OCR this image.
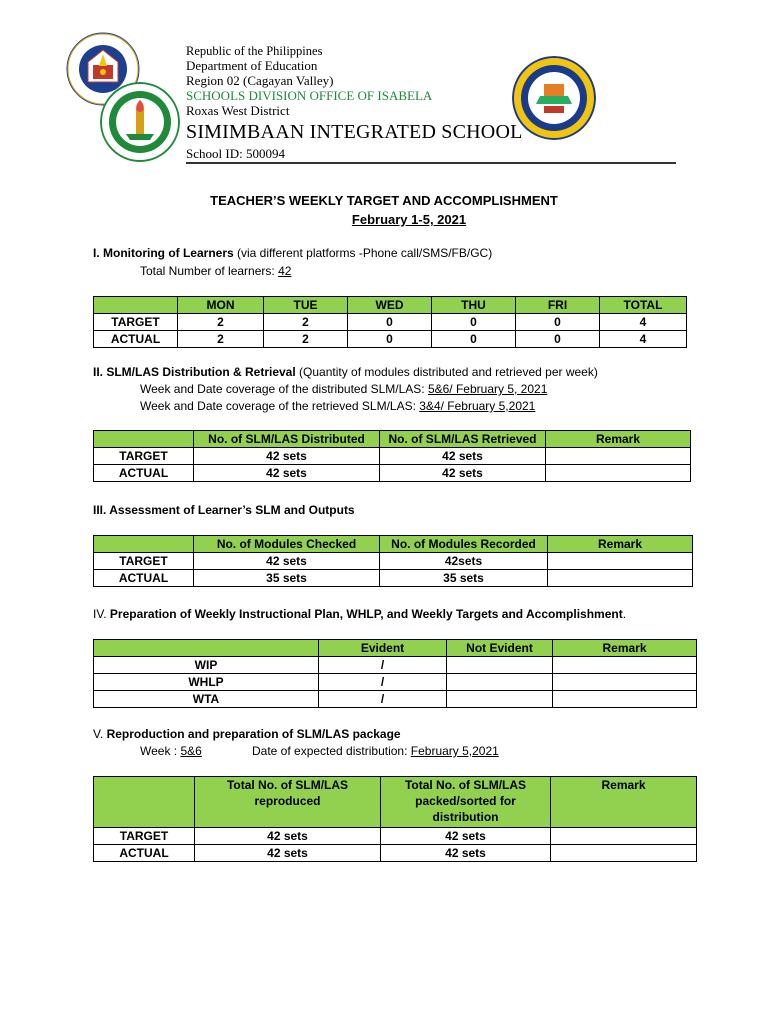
Republic of the Philippines
Department of Education
Region 02 (Cagayan Valley)
SCHOOLS DIVISION OFFICE OF ISABELA
Roxas West District
SIMIMBAAN INTEGRATED SCHOOL
School ID: 500094
TEACHER’S WEEKLY TARGET AND ACCOMPLISHMENT
February 1-5, 2021
I. Monitoring of Learners (via different platforms -Phone call/SMS/FB/GC)
Total Number of learners: 42
	MON	TUE	WED	THU	FRI	TOTAL
TARGET	2	2	0	0	0	4
ACTUAL	2	2	0	0	0	4
II. SLM/LAS Distribution & Retrieval (Quantity of modules distributed and retrieved per week)
Week and Date coverage of the distributed SLM/LAS: 5&6/ February 5, 2021
Week and Date coverage of the retrieved SLM/LAS: 3&4/ February 5,2021
	No. of SLM/LAS Distributed	No. of SLM/LAS Retrieved	Remark
TARGET	42 sets	42 sets	
ACTUAL	42 sets	42 sets	
III. Assessment of Learner’s SLM and Outputs
	No. of Modules Checked	No. of Modules Recorded	Remark
TARGET	42 sets	42sets	
ACTUAL	35 sets	35 sets	
IV. Preparation of Weekly Instructional Plan, WHLP, and Weekly Targets and Accomplishment.
	Evident	Not Evident	Remark
WIP	/		
WHLP	/		
WTA	/		
V. Reproduction and preparation of SLM/LAS package
Week : 5&6	Date of expected distribution: February 5,2021
	Total No. of SLM/LAS reproduced	Total No. of SLM/LAS packed/sorted for distribution	Remark
TARGET	42 sets	42 sets	
ACTUAL	42 sets	42 sets	
